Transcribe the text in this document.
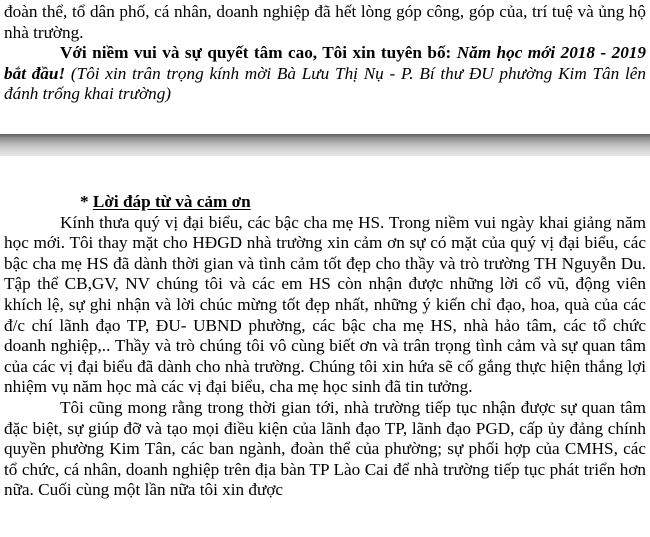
đoàn thể, tổ dân phố, cá nhân, doanh nghiệp đã hết lòng góp công, góp của, trí tuệ và ủng hộ nhà trường.

Với niềm vui và sự quyết tâm cao, Tôi xin tuyên bố: Năm học mới 2018 - 2019 bắt đầu! (Tôi xin trân trọng kính mời Bà Lưu Thị Nụ - P. Bí thư ĐU phường Kim Tân lên đánh trống khai trường)

* Lời đáp từ và cảm ơn

Kính thưa quý vị đại biểu, các bậc cha mẹ HS. Trong niềm vui ngày khai giảng năm học mới. Tôi thay mặt cho HĐGD nhà trường xin cảm ơn sự có mặt của quý vị đại biểu, các bậc cha mẹ HS đã dành thời gian và tình cảm tốt đẹp cho thầy và trò trường TH Nguyễn Du. Tập thể CB,GV, NV chúng tôi và các em HS còn nhận được những lời cổ vũ, động viên khích lệ, sự ghi nhận và lời chúc mừng tốt đẹp nhất, những ý kiến chỉ đạo, hoa, quà của các đ/c chí lãnh đạo TP, ĐU- UBND phường, các bậc cha mẹ HS, nhà hảo tâm, các tổ chức doanh nghiệp,.. Thầy và trò chúng tôi vô cùng biết ơn và trân trọng tình cảm và sự quan tâm của các vị đại biểu đã dành cho nhà trường. Chúng tôi xin hứa sẽ cố gắng thực hiện thắng lợi nhiệm vụ năm học mà các vị đại biểu, cha mẹ học sinh đã tin tưởng.

Tôi cũng mong rằng trong thời gian tới, nhà trường tiếp tục nhận được sự quan tâm đặc biệt, sự giúp đỡ và tạo mọi điều kiện của lãnh đạo TP, lãnh đạo PGD, cấp ủy đảng chính quyền phường Kim Tân, các ban ngành, đoàn thể của phường; sự phối hợp của CMHS, các tổ chức, cá nhân, doanh nghiệp trên địa bàn TP Lào Cai để nhà trường tiếp tục phát triển hơn nữa. Cuối cùng một lần nữa tôi xin được
